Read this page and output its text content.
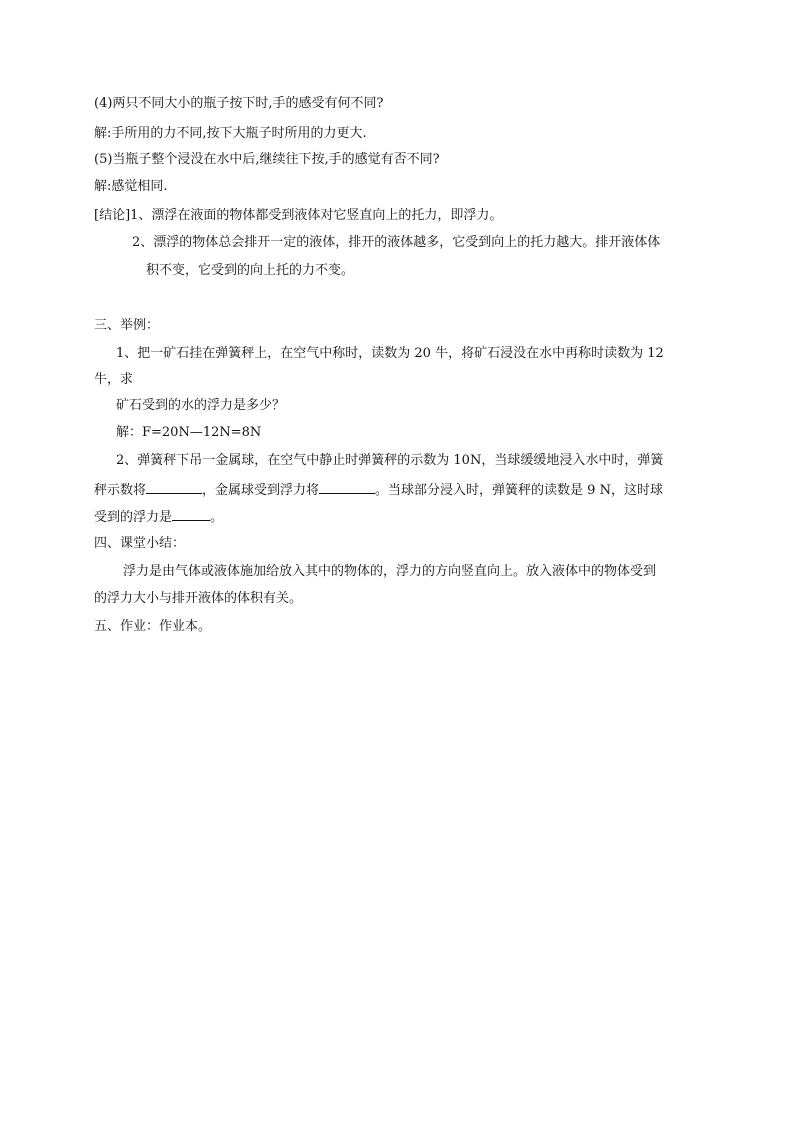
(4)两只不同大小的瓶子按下时,手的感受有何不同?
解:手所用的力不同,按下大瓶子时所用的力更大.
(5)当瓶子整个浸没在水中后,继续往下按,手的感觉有否不同?
解:感觉相同.
[结论]1、漂浮在液面的物体都受到液体对它竖直向上的托力，即浮力。
2、漂浮的物体总会排开一定的液体，排开的液体越多，它受到向上的托力越大。排开液体体
积不变，它受到的向上托的力不变。
三、举例：
1、把一矿石挂在弹簧秤上，在空气中称时，读数为 20 牛，将矿石浸没在水中再称时读数为 12
牛，求
矿石受到的水的浮力是多少？
解：F=20N—12N=8N
2、弹簧秤下吊一金属球，在空气中静止时弹簧秤的示数为 10N，当球缓缓地浸入水中时，弹簧
秤示数将	，金属球受到浮力将	。当球部分浸入时，弹簧秤的读数是 9 N，这时球
受到的浮力是	。
四、课堂小结：
浮力是由气体或液体施加给放入其中的物体的，浮力的方向竖直向上。放入液体中的物体受到
的浮力大小与排开液体的体积有关。
五、作业：作业本。
